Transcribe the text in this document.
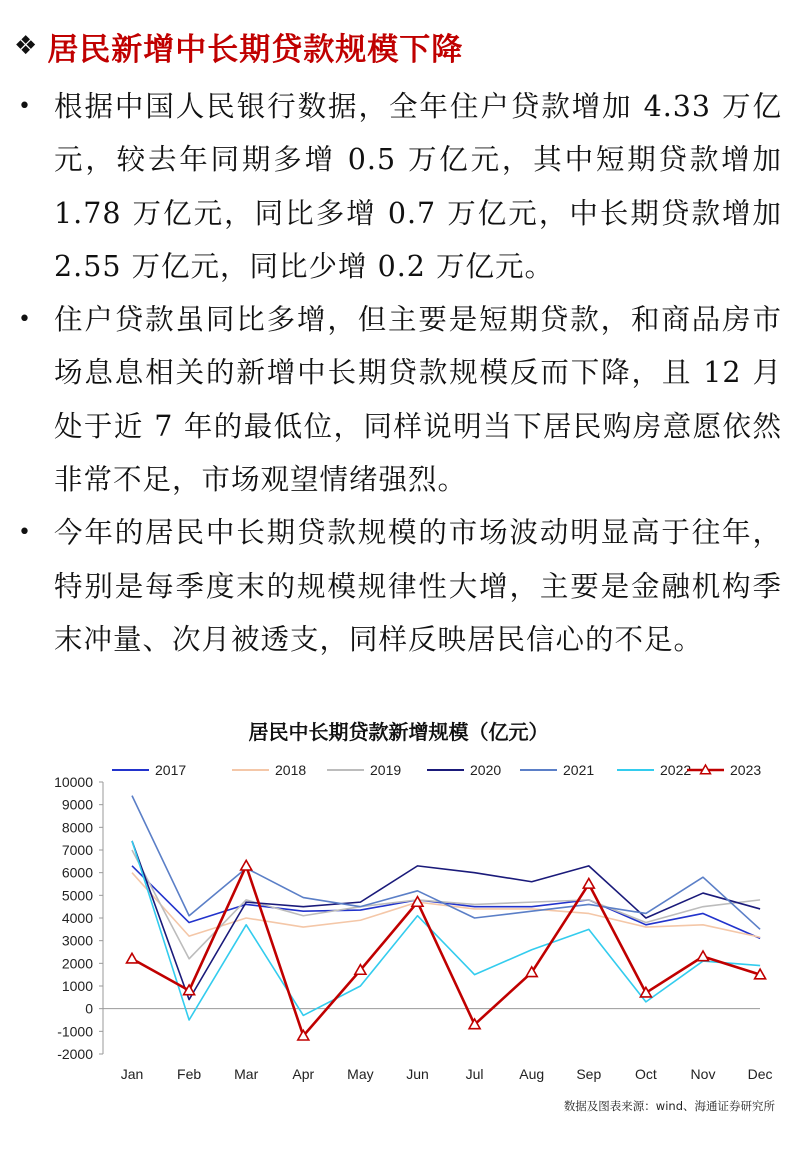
❖ 居民新增中长期贷款规模下降
• 根据中国人民银行数据，全年住户贷款增加 4.33 万亿元，较去年同期多增 0.5 万亿元，其中短期贷款增加 1.78 万亿元，同比多增 0.7 万亿元，中长期贷款增加 2.55 万亿元，同比少增 0.2 万亿元。
• 住户贷款虽同比多增，但主要是短期贷款，和商品房市场息息相关的新增中长期贷款规模反而下降，且 12 月处于近 7 年的最低位，同样说明当下居民购房意愿依然非常不足，市场观望情绪强烈。
• 今年的居民中长期贷款规模的市场波动明显高于往年，特别是每季度末的规模规律性大增，主要是金融机构季末冲量、次月被透支，同样反映居民信心的不足。
居民中长期贷款新增规模（亿元）
10000
9000
8000
7000
6000
5000
4000
3000
2000
1000
0
-1000
-2000
Jan Feb Mar Apr May Jun	Jul	Aug Sep Oct Nov Dec
2017	2018	2019	2020	2021	2022	2023
数据及图表来源：wind、海通证券研究所
